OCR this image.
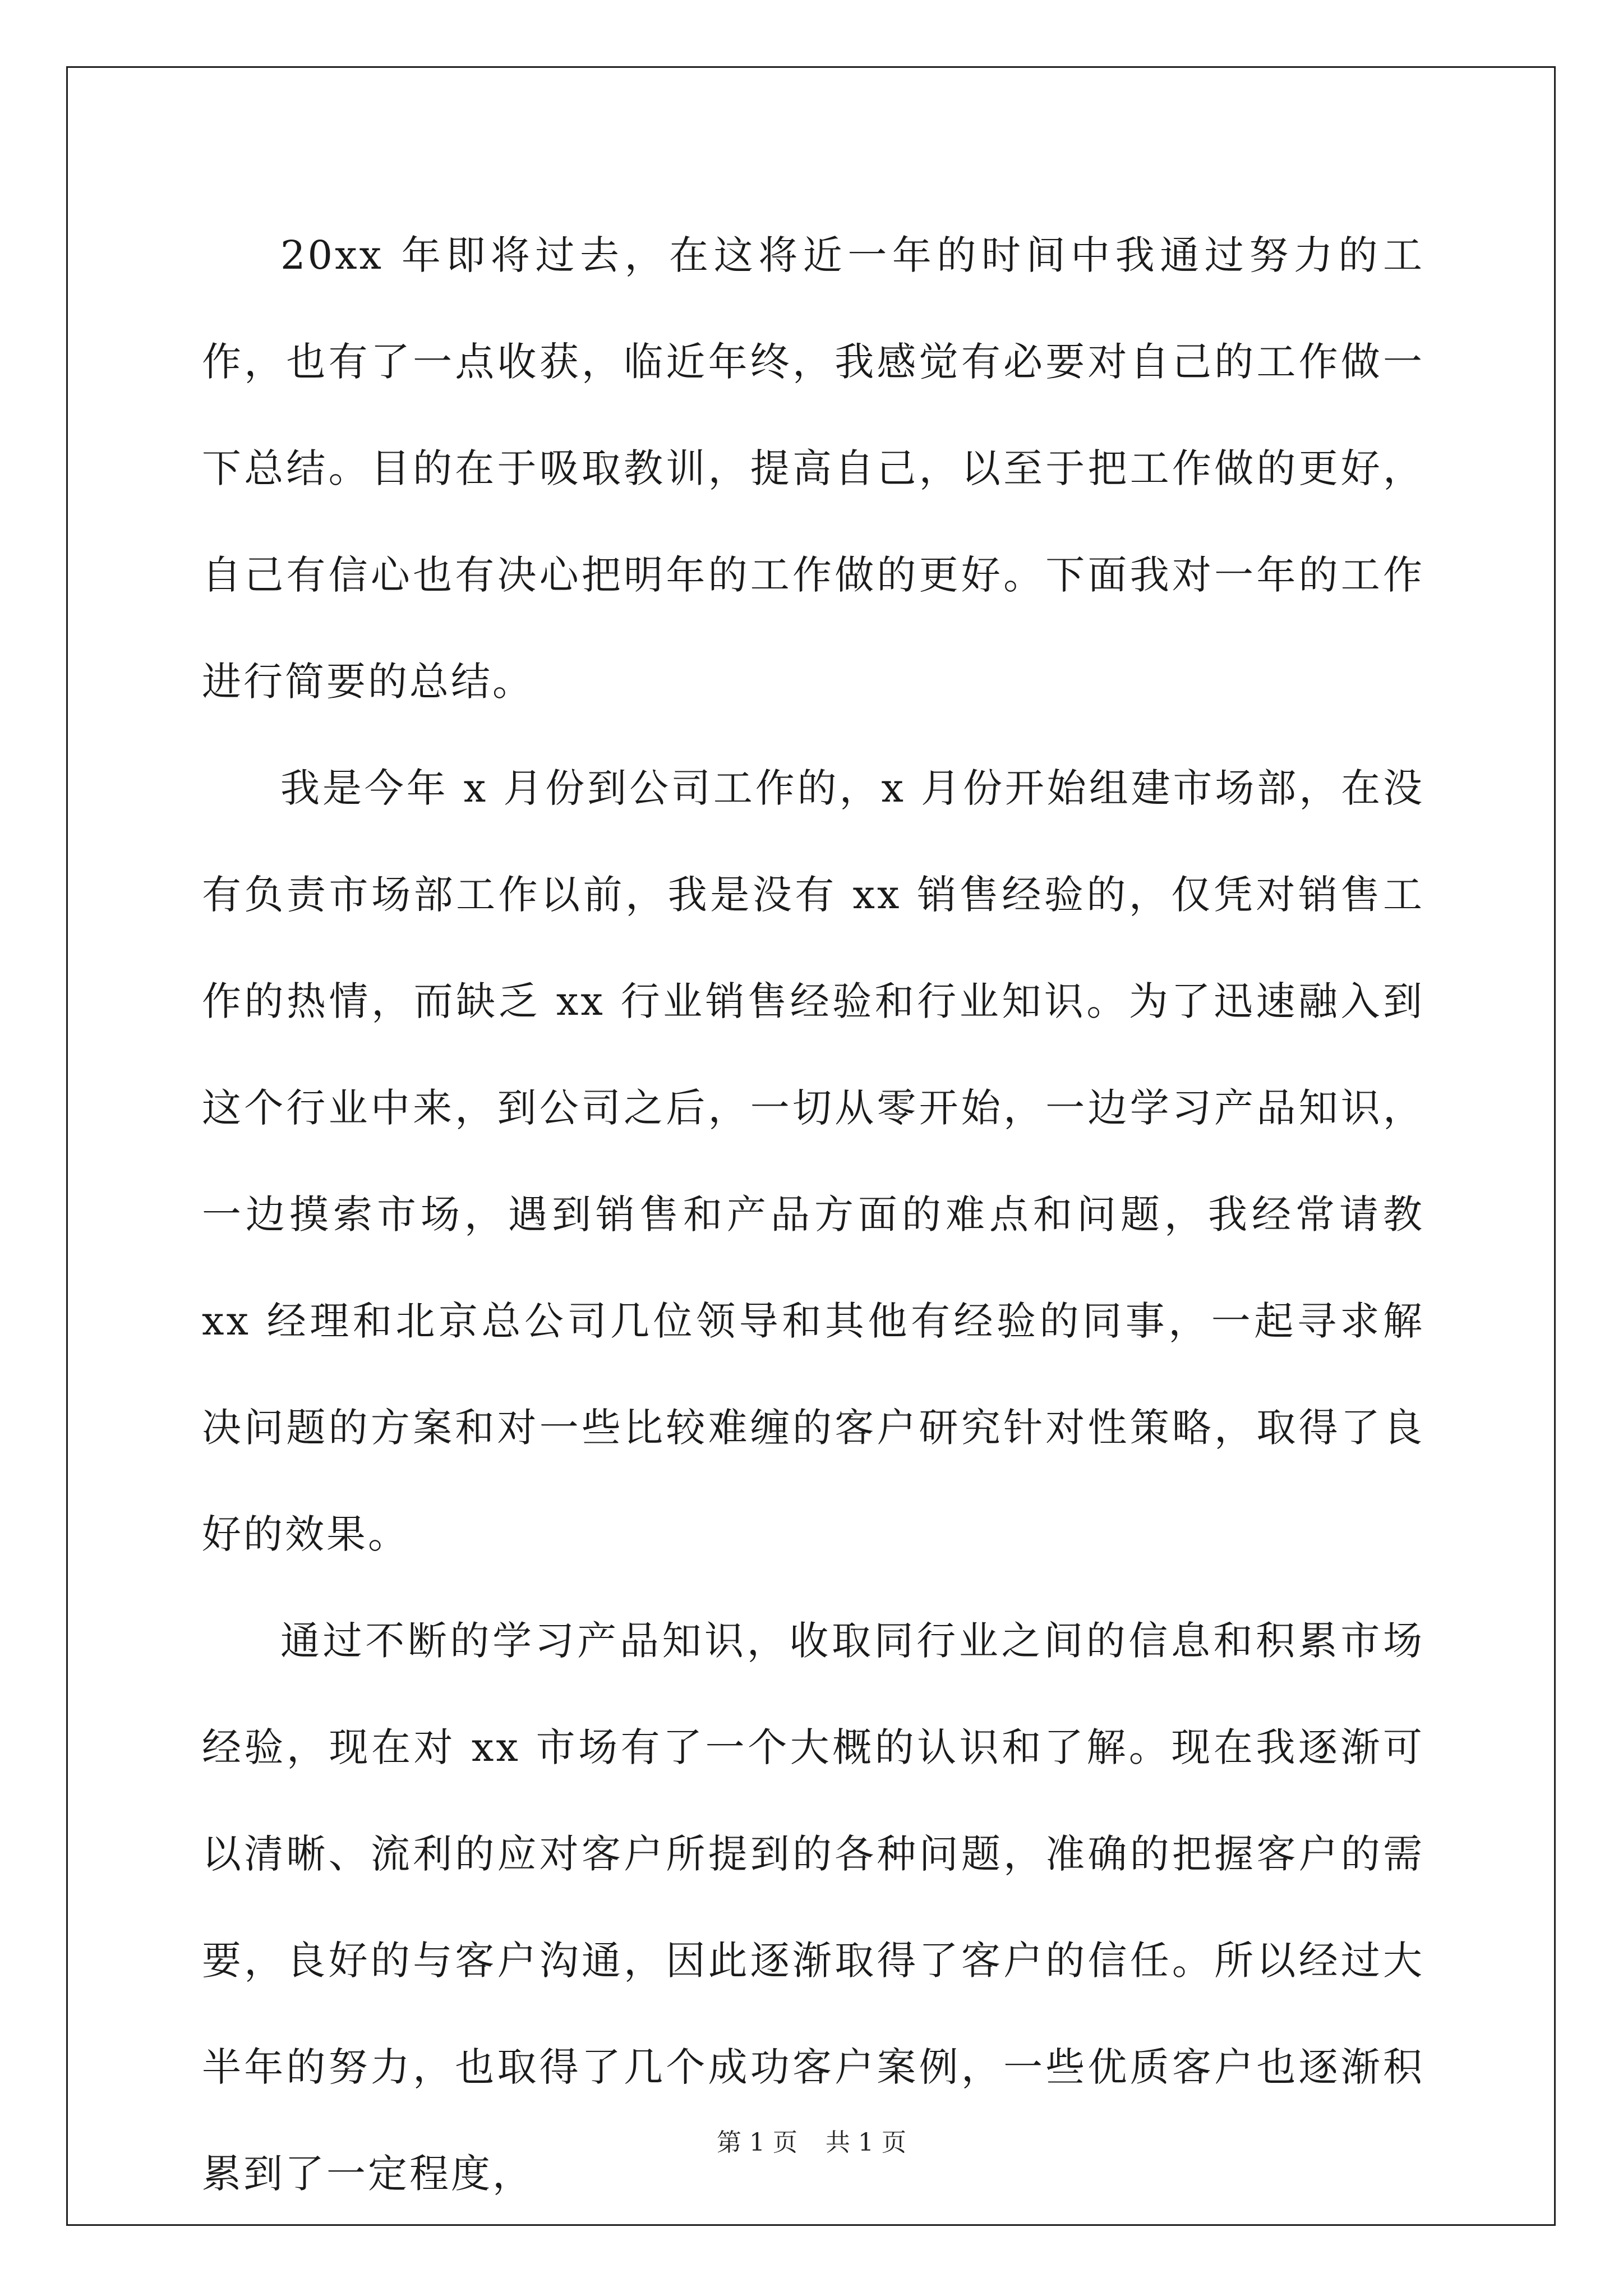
20xx 年即将过去，在这将近一年的时间中我通过努力的工作，也有了一点收获，临近年终，我感觉有必要对自己的工作做一下总结。目的在于吸取教训，提高自己，以至于把工作做的更好，自己有信心也有决心把明年的工作做的更好。下面我对一年的工作进行简要的总结。

我是今年 x 月份到公司工作的，x 月份开始组建市场部，在没有负责市场部工作以前，我是没有 xx 销售经验的，仅凭对销售工作的热情，而缺乏 xx 行业销售经验和行业知识。为了迅速融入到这个行业中来，到公司之后，一切从零开始，一边学习产品知识，一边摸索市场，遇到销售和产品方面的难点和问题，我经常请教 xx 经理和北京总公司几位领导和其他有经验的同事，一起寻求解决问题的方案和对一些比较难缠的客户研究针对性策略，取得了良好的效果。

通过不断的学习产品知识，收取同行业之间的信息和积累市场经验，现在对 xx 市场有了一个大概的认识和了解。现在我逐渐可以清晰、流利的应对客户所提到的各种问题，准确的把握客户的需要，良好的与客户沟通，因此逐渐取得了客户的信任。所以经过大半年的努力，也取得了几个成功客户案例，一些优质客户也逐渐积累到了一定程度，

第 1 页 共 1 页
